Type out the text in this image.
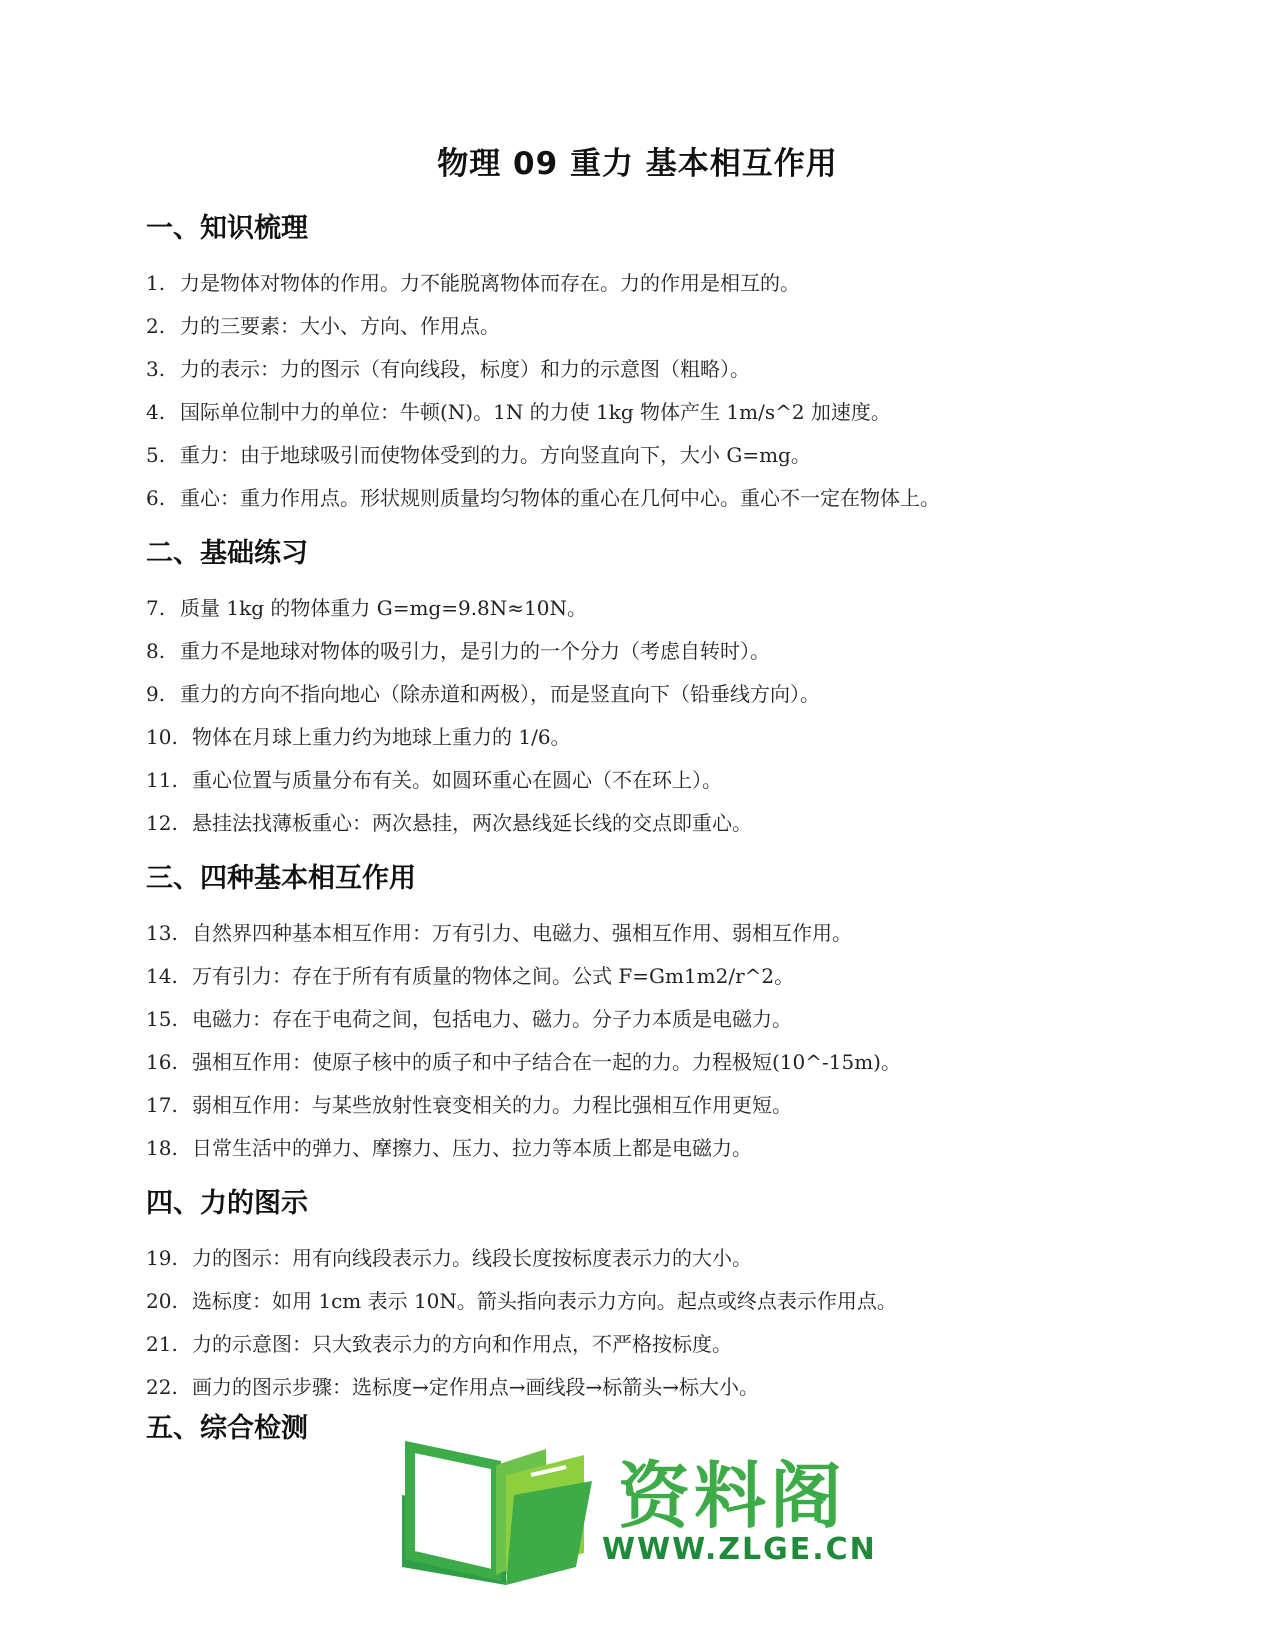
物理 09 重力 基本相互作用
一、知识梳理
1. 力是物体对物体的作用。力不能脱离物体而存在。力的作用是相互的。
2. 力的三要素：大小、方向、作用点。
3. 力的表示：力的图示（有向线段，标度）和力的示意图（粗略）。
4. 国际单位制中力的单位：牛顿(N)。1N 的力使 1kg 物体产生 1m/s^2 加速度。
5. 重力：由于地球吸引而使物体受到的力。方向竖直向下，大小 G=mg。
6. 重心：重力作用点。形状规则质量均匀物体的重心在几何中心。重心不一定在物体上。
二、基础练习
7. 质量 1kg 的物体重力 G=mg=9.8N≈10N。
8. 重力不是地球对物体的吸引力，是引力的一个分力（考虑自转时）。
9. 重力的方向不指向地心（除赤道和两极），而是竖直向下（铅垂线方向）。
10. 物体在月球上重力约为地球上重力的 1/6。
11. 重心位置与质量分布有关。如圆环重心在圆心（不在环上）。
12. 悬挂法找薄板重心：两次悬挂，两次悬线延长线的交点即重心。
三、四种基本相互作用
13. 自然界四种基本相互作用：万有引力、电磁力、强相互作用、弱相互作用。
14. 万有引力：存在于所有有质量的物体之间。公式 F=Gm1m2/r^2。
15. 电磁力：存在于电荷之间，包括电力、磁力。分子力本质是电磁力。
16. 强相互作用：使原子核中的质子和中子结合在一起的力。力程极短(10^-15m)。
17. 弱相互作用：与某些放射性衰变相关的力。力程比强相互作用更短。
18. 日常生活中的弹力、摩擦力、压力、拉力等本质上都是电磁力。
四、力的图示
19. 力的图示：用有向线段表示力。线段长度按标度表示力的大小。
20. 选标度：如用 1cm 表示 10N。箭头指向表示力方向。起点或终点表示作用点。
21. 力的示意图：只大致表示力的方向和作用点，不严格按标度。
22. 画力的图示步骤：选标度→定作用点→画线段→标箭头→标大小。
五、综合检测
资料阁
WWW.ZLGE.CN
